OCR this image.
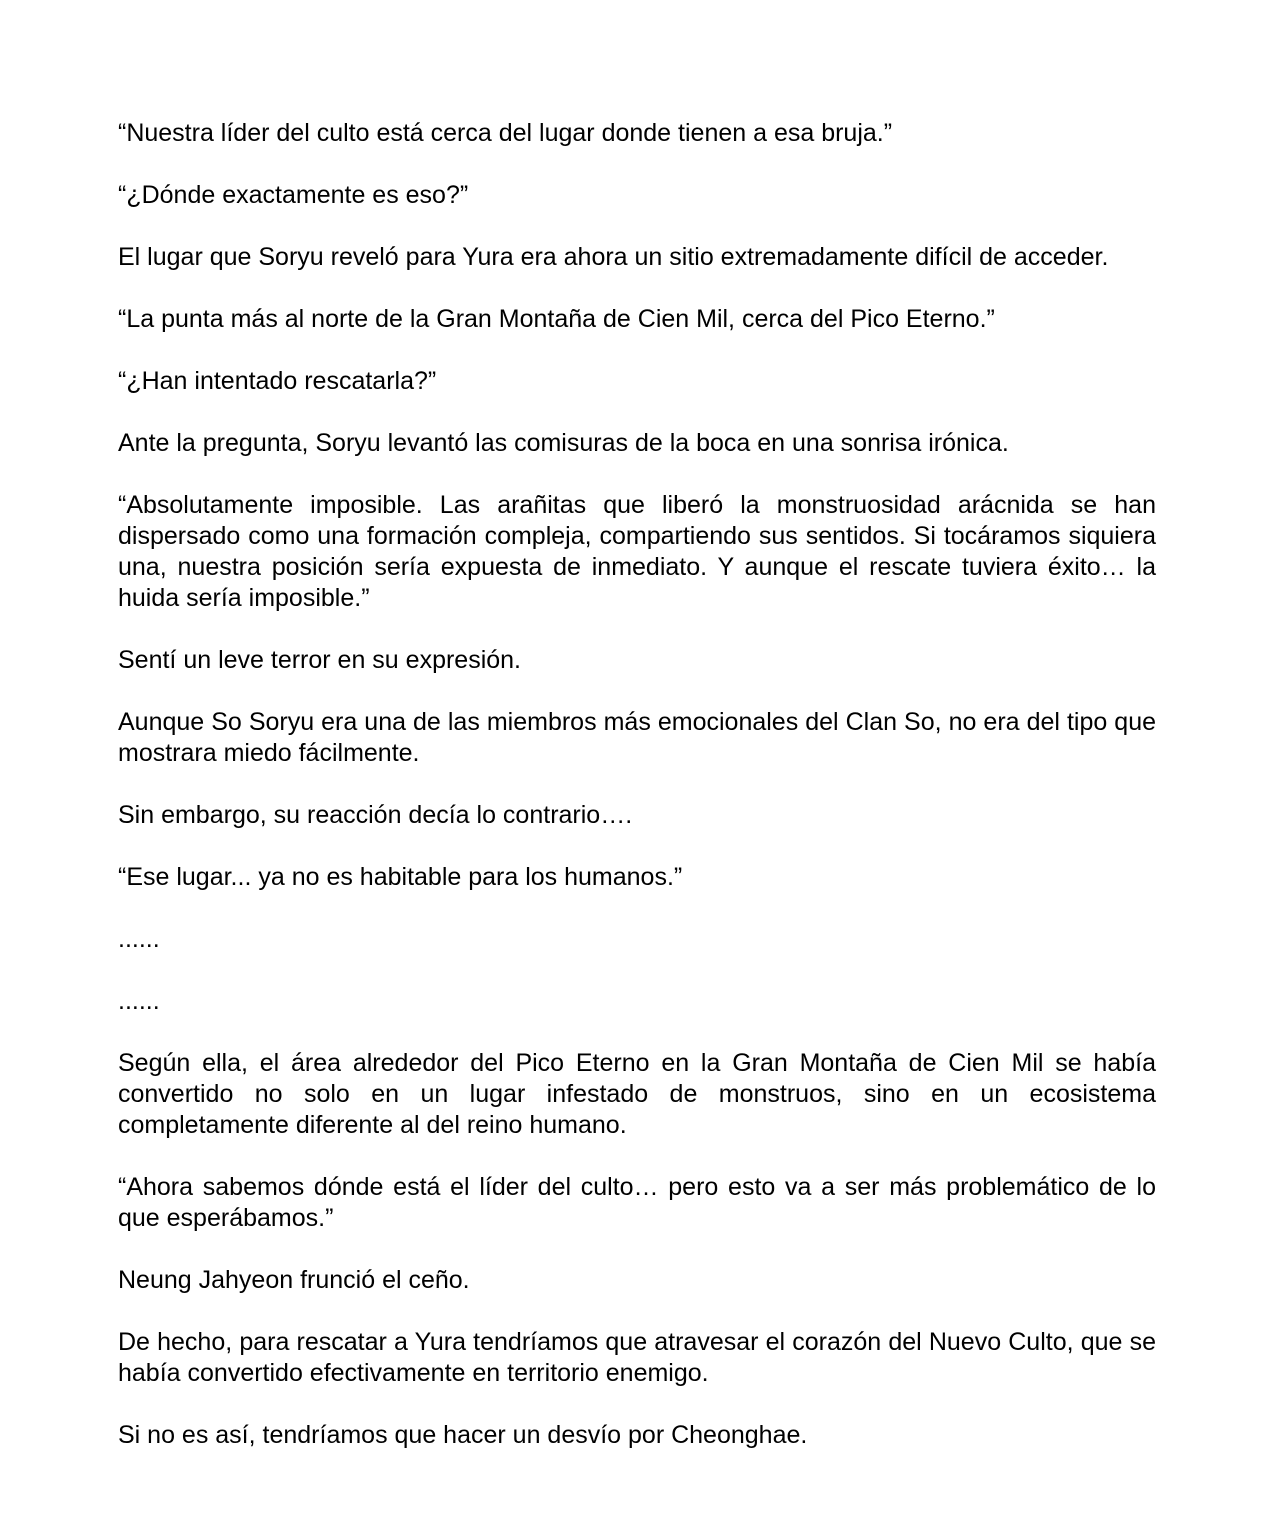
“Nuestra líder del culto está cerca del lugar donde tienen a esa bruja.”

“¿Dónde exactamente es eso?”

El lugar que Soryu reveló para Yura era ahora un sitio extremadamente difícil de acceder.

“La punta más al norte de la Gran Montaña de Cien Mil, cerca del Pico Eterno.”

“¿Han intentado rescatarla?”

Ante la pregunta, Soryu levantó las comisuras de la boca en una sonrisa irónica.

“Absolutamente imposible. Las arañitas que liberó la monstruosidad arácnida se han dispersado como una formación compleja, compartiendo sus sentidos. Si tocáramos siquiera una, nuestra posición sería expuesta de inmediato. Y aunque el rescate tuviera éxito… la huida sería imposible.”

Sentí un leve terror en su expresión.

Aunque So Soryu era una de las miembros más emocionales del Clan So, no era del tipo que mostrara miedo fácilmente.

Sin embargo, su reacción decía lo contrario….

“Ese lugar... ya no es habitable para los humanos.”

......

......

Según ella, el área alrededor del Pico Eterno en la Gran Montaña de Cien Mil se había convertido no solo en un lugar infestado de monstruos, sino en un ecosistema completamente diferente al del reino humano.

“Ahora sabemos dónde está el líder del culto… pero esto va a ser más problemático de lo que esperábamos.”

Neung Jahyeon frunció el ceño.

De hecho, para rescatar a Yura tendríamos que atravesar el corazón del Nuevo Culto, que se había convertido efectivamente en territorio enemigo.

Si no es así, tendríamos que hacer un desvío por Cheonghae.
